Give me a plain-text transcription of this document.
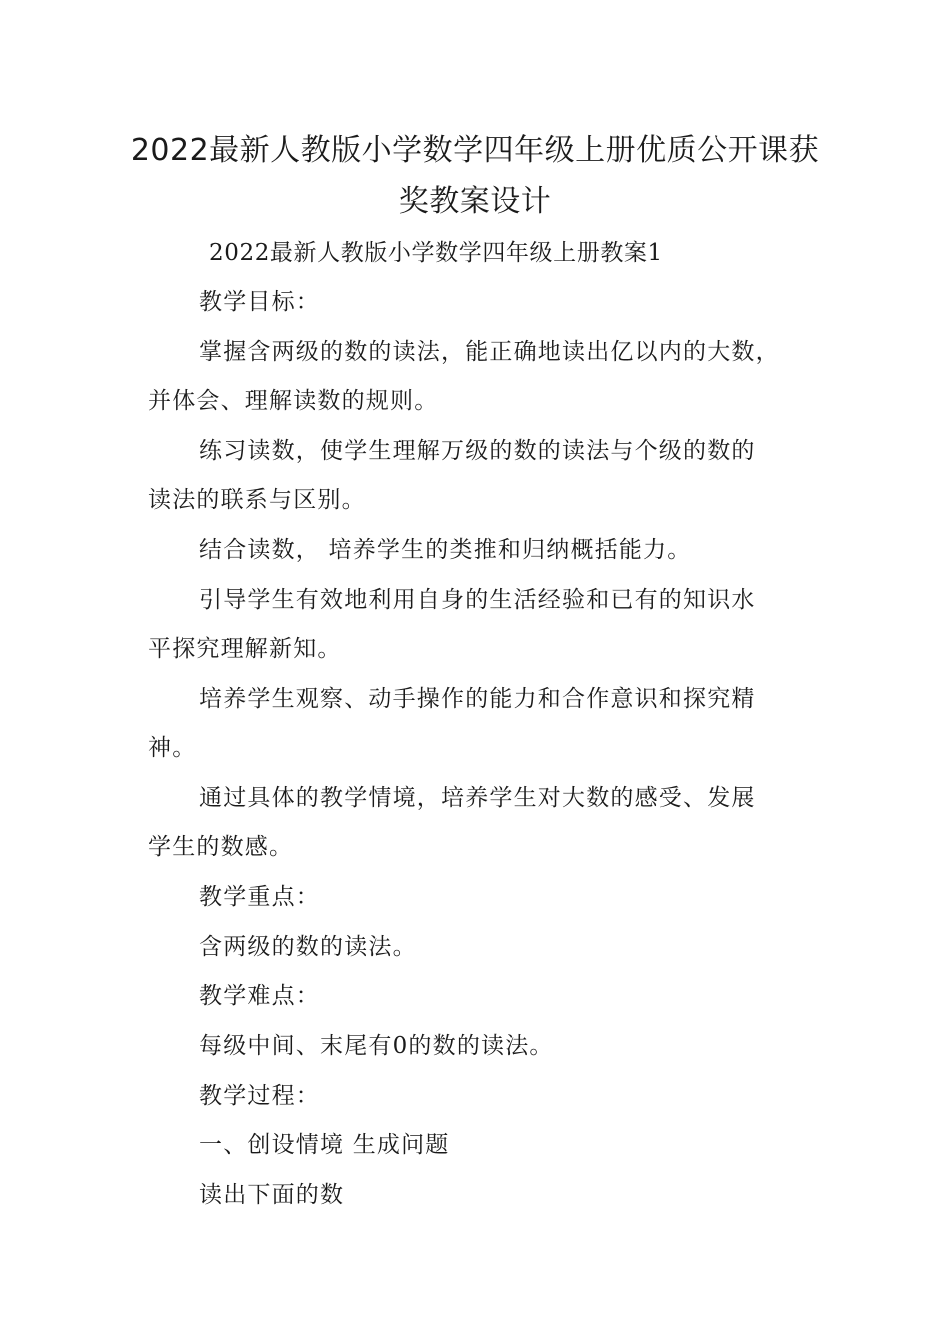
2022最新人教版小学数学四年级上册优质公开课获
奖教案设计

2022最新人教版小学数学四年级上册教案1

教学目标：

掌握含两级的数的读法，能正确地读出亿以内的大数，

并体会、理解读数的规则。

练习读数，使学生理解万级的数的读法与个级的数的

读法的联系与区别。

结合读数， 培养学生的类推和归纳概括能力。

引导学生有效地利用自身的生活经验和已有的知识水

平探究理解新知。

培养学生观察、动手操作的能力和合作意识和探究精

神。

通过具体的教学情境，培养学生对大数的感受、发展

学生的数感。

教学重点：

含两级的数的读法。

教学难点：

每级中间、末尾有0的数的读法。

教学过程：

一、创设情境 生成问题

读出下面的数
